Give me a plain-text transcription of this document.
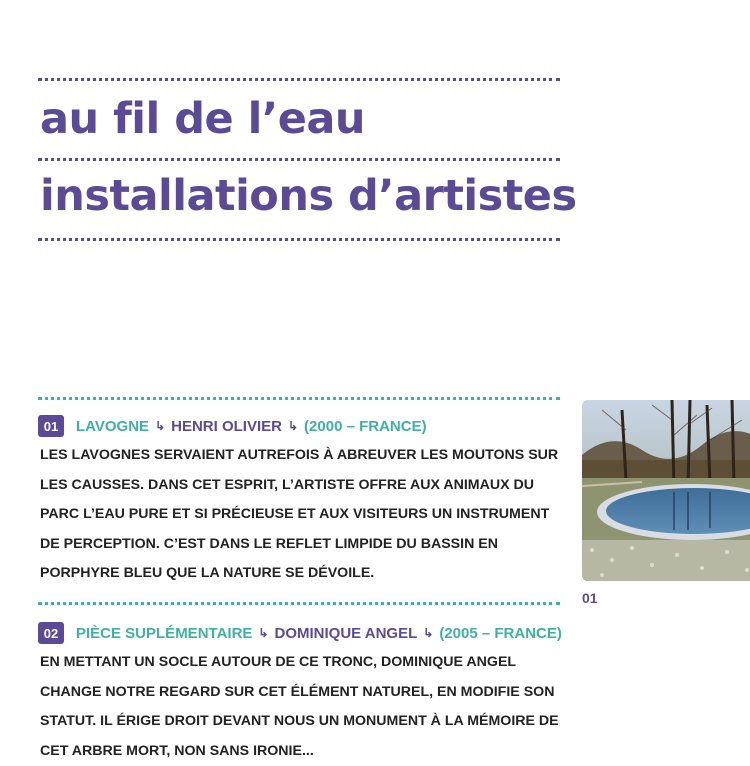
au fil de l’eau
installations d’artistes
01	LAVOGNE ↳ HENRI OLIVIER ↳ (2000 – FRANCE)

LES LAVOGNES SERVAIENT AUTREFOIS À ABREUVER LES MOUTONS SUR LES CAUSSES. DANS CET ESPRIT, L’ARTISTE OFFRE AUX ANIMAUX DU PARC L’EAU PURE ET SI PRÉCIEUSE ET AUX VISITEURS UN INSTRUMENT DE PERCEPTION. C’EST DANS LE REFLET LIMPIDE DU BASSIN EN PORPHYRE BLEU QUE LA NATURE SE DÉVOILE.

01
02	PIÈCE SUPLÉMENTAIRE ↳ DOMINIQUE ANGEL ↳ (2005 – FRANCE)

EN METTANT UN SOCLE AUTOUR DE CE TRONC, DOMINIQUE ANGEL CHANGE NOTRE REGARD SUR CET ÉLÉMENT NATUREL, EN MODIFIE SON STATUT. IL ÉRIGE DROIT DEVANT NOUS UN MONUMENT À LA MÉMOIRE DE CET ARBRE MORT, NON SANS IRONIE...
